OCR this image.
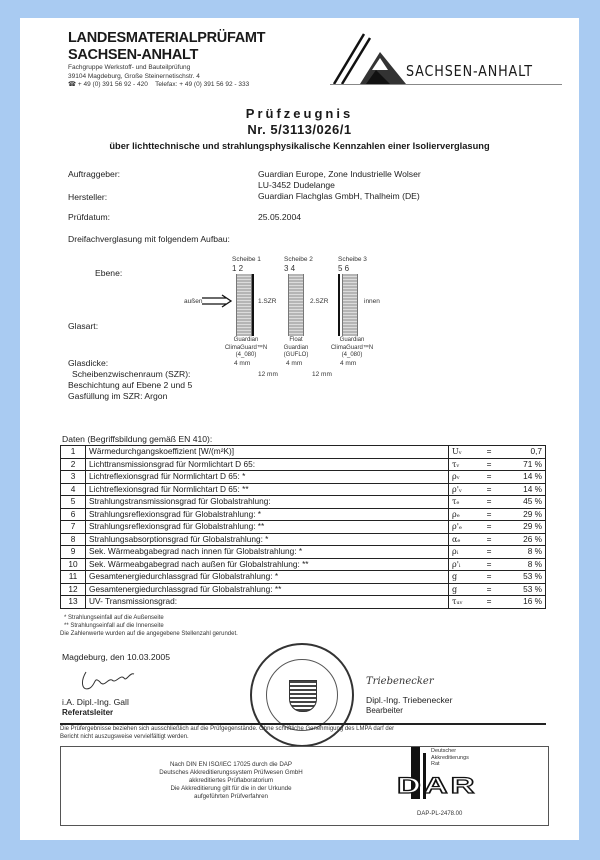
LANDESMATERIALPRÜFAMT
SACHSEN-ANHALT
Fachgruppe Werkstoff- und Bauteilprüfung
39104 Magdeburg, Große Steinernetischstr. 4
☎ + 49 (0) 391 56 92 - 420 Telefax: + 49 (0) 391 56 92 - 333
SACHSEN-ANHALT
Prüfzeugnis
Nr. 5/3113/026/1
über lichttechnische und strahlungsphysikalische Kennzahlen einer Isolierverglasung
Auftraggeber:	Guardian Europe, Zone Industrielle Wolser
LU-3452 Dudelange
Hersteller:	Guardian Flachglas GmbH, Thalheim (DE)
Prüfdatum:	25.05.2004
Dreifachverglasung mit folgendem Aufbau:
Ebene:
Scheibe 1
1 2
Scheibe 2
3 4
Scheibe 3
5 6
außen	1.SZR	2.SZR	innen
Glasart:
Guardian
ClimaGuard™N
(4_080)
Float
Guardian
(GUFLO)
Guardian
ClimaGuard™N
(4_080)
Glasdicke:	4 mm	4 mm	4 mm
Scheibenzwischenraum (SZR):	12 mm	12 mm
Beschichtung auf Ebene 2 und 5
Gasfüllung im SZR: Argon
Daten (Begriffsbildung gemäß EN 410):
1	Wärmedurchgangskoeffizient [W/(m²K)]	Uᵥ	=	0,7
2	Lichttransmissionsgrad für Normlichtart D 65:	τᵥ	=	71 %
3	Lichtreflexionsgrad für Normlichtart D 65: *	ρᵥ	=	14 %
4	Lichtreflexionsgrad für Normlichtart D 65: **	ρ'ᵥ	=	14 %
5	Strahlungstransmissionsgrad für Globalstrahlung:	τₑ	=	45 %
6	Strahlungsreflexionsgrad für Globalstrahlung: *	ρₑ	=	29 %
7	Strahlungsreflexionsgrad für Globalstrahlung: **	ρ'ₑ	=	29 %
8	Strahlungsabsorptionsgrad für Globalstrahlung: *	αₑ	=	26 %
9	Sek. Wärmeabgabegrad nach innen für Globalstrahlung: *	ρᵢ	=	8 %
10	Sek. Wärmeabgabegrad nach außen für Globalstrahlung: **	ρ'ᵢ	=	8 %
11	Gesamtenergiedurchlassgrad für Globalstrahlung: *	g	=	53 %
12	Gesamtenergiedurchlassgrad für Globalstrahlung: **	g	=	53 %
13	UV- Transmissionsgrad:	τᵤᵥ	=	16 %
* Strahlungseinfall auf die Außenseite
** Strahlungseinfall auf die Innenseite
Die Zahlenwerte wurden auf die angegebene Stellenzahl gerundet.
Magdeburg, den 10.03.2005
i.A. Dipl.-Ing. Gall
Referatsleiter
Triebenecker
Dipl.-Ing. Triebenecker
Bearbeiter
Die Prüfergebnisse beziehen sich ausschließlich auf die Prüfgegenstände. Ohne schriftliche Genehmigung des LMPA darf der
Bericht nicht auszugsweise vervielfältigt werden.
Nach DIN EN ISO/IEC 17025 durch die DAP
Deutsches Akkreditierungssystem Prüfwesen GmbH
akkreditiertes Prüflaboratorium
Die Akkreditierung gilt für die in der Urkunde
aufgeführten Prüfverfahren
Deutscher
Akkreditierungs
Rat
DAR
DAP-PL-2478.00
